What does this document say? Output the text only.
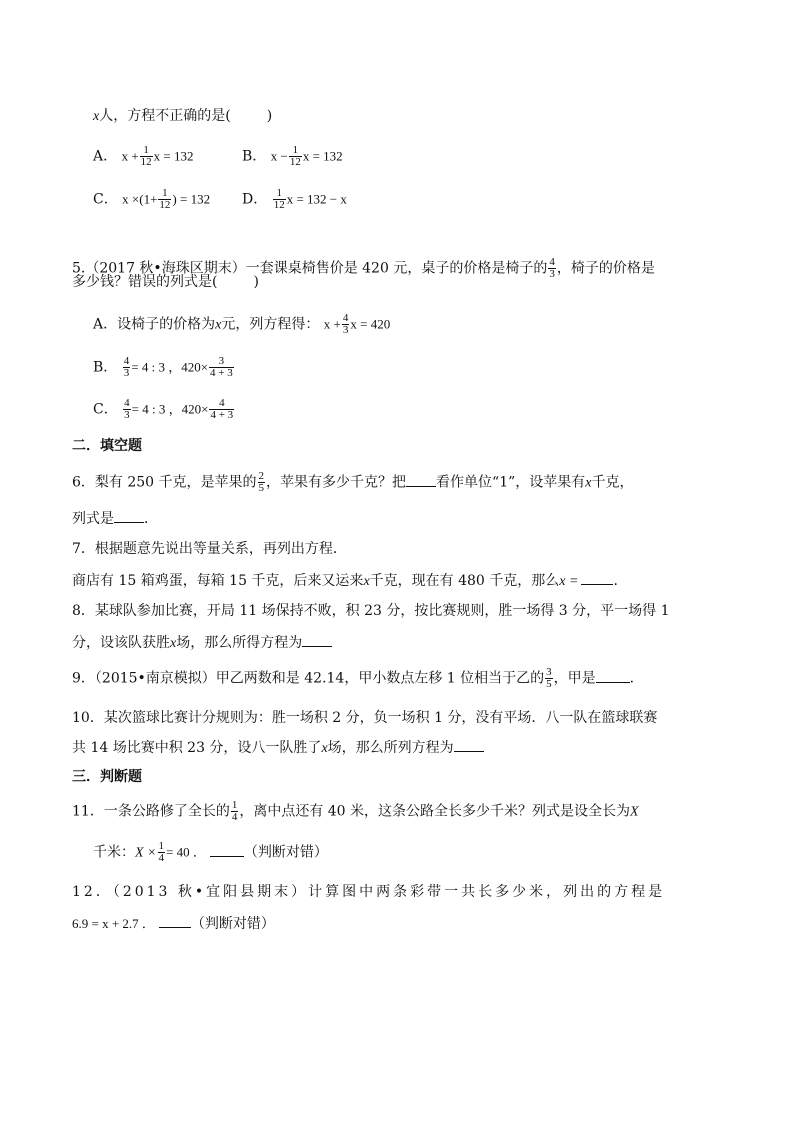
x人，方程不正确的是(	)
A． $x + \frac{1}{12}$ x = 132	B． $x - \frac{1}{12}$ x = 132
C． $x \times(1+ \frac{1}{12}$ ) = 132 D． $\frac{1}{12}$ x = 132 − x
5.（2017 秋•海珠区期末）一套课桌椅售价是 420 元，桌子的价格是椅子的 $\frac{4}{3}$ ，椅子的价格是
多少钱？错误的列式是(	)
A．设椅子的价格为x元，列方程得： $x + \frac{4}{3}$ x = 420
B． $\frac{4}{3} = 4$ : 3 ，$420\times \frac{3}{4 + 3}$
C． $\frac{4}{3} = 4$ : 3 ，$420\times \frac{4}{4 + 3}$
二．填空题
6．梨有 250 千克，是苹果的 $\frac{2}{5}$ ，苹果有多少千克？把 看作单位“1”，设苹果有x千克，
列式是 ．
7．根据题意先说出等量关系，再列出方程．
商店有 15 箱鸡蛋，每箱 15 千克，后来又运来x千克，现在有 480 千克，那么x =	．
8．某球队参加比赛，开局 11 场保持不败，积 23 分，按比赛规则，胜一场得 3 分，平一场得 1
分，设该队获胜x场，那么所得方程为
9．（2015•南京模拟）甲乙两数和是 42.14，甲小数点左移 1 位相当于乙的 $\frac{3}{5}$ ，甲是 ．
10．某次篮球比赛计分规则为：胜一场积 2 分，负一场积 1 分，没有平场．八一队在篮球联赛
共 14 场比赛中积 23 分，设八一队胜了x场，那么所列方程为
三．判断题
11．一条公路修了全长的 $\frac{1}{4}$ ，离中点还有 40 米，这条公路全长多少千米？列式是设全长为X
千米：$X \times \frac{1}{4} = 40$ ．	（判断对错）
12．（2013 秋•宜阳县期末）计算图中两条彩带一共长多少米，列出的方程是
6.9 = x + 2.7 ．	（判断对错）
